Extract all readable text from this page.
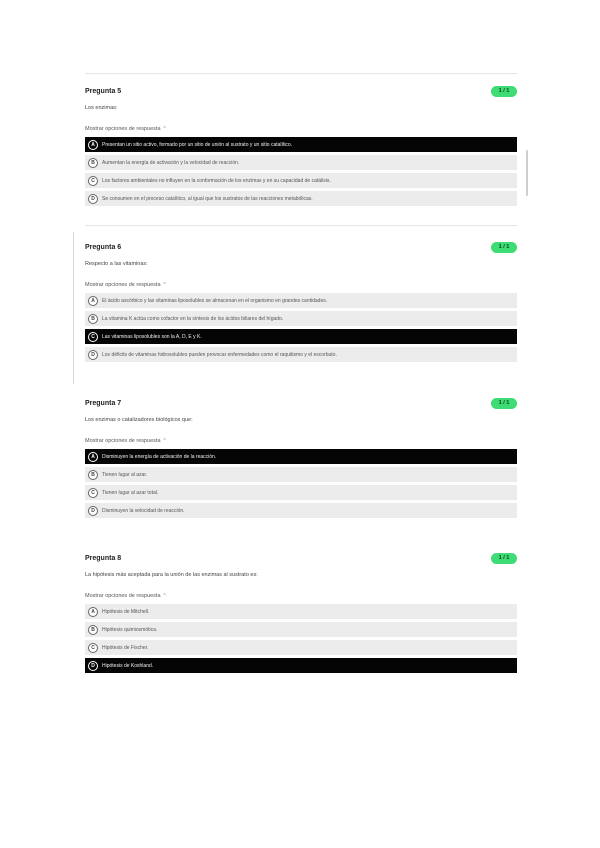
Pregunta 5	1 / 1
Los enzimas:
Mostrar opciones de respuesta ⌃
A	Presentan un sitio activo, formado por un sitio de unión al sustrato y un sitio catalítico.
B	Aumentan la energía de activación y la velocidad de reacción.
C	Los factores ambientales no influyen en la conformación de los enzimas y en su capacidad de catálisis.
D	Se consumen en el proceso catalítico, al igual que los sustratos de las reacciones metabólicas.
Pregunta 6	1 / 1
Respecto a las vitaminas:
Mostrar opciones de respuesta ⌃
A	El ácido ascórbico y las vitaminas liposolubles se almacenan en el organismo en grandes cantidades.
B	La vitamina K actúa como cofactor en la síntesis de los ácidos biliares del hígado.
C	Las vitaminas liposolubles son la A, D, E y K.
D	Los déficits de vitaminas hidrosolubles pueden provocar enfermedades como el raquitismo y el escorbuto.
Pregunta 7	1 / 1
Los enzimas o catalizadores biológicos que:
Mostrar opciones de respuesta ⌃
A	Disminuyen la energía de activación de la reacción.
B	Tienen lugar al azar.
C	Tienen lugar al azar total.
D	Disminuyen la velocidad de reacción.
Pregunta 8	1 / 1
La hipótesis más aceptada para la unión de las enzimas al sustrato es:
Mostrar opciones de respuesta ⌃
A	Hipótesis de Mitchell.
B	Hipótesis quimiosmótica.
C	Hipótesis de Fischer.
D	Hipótesis de Koshland.
